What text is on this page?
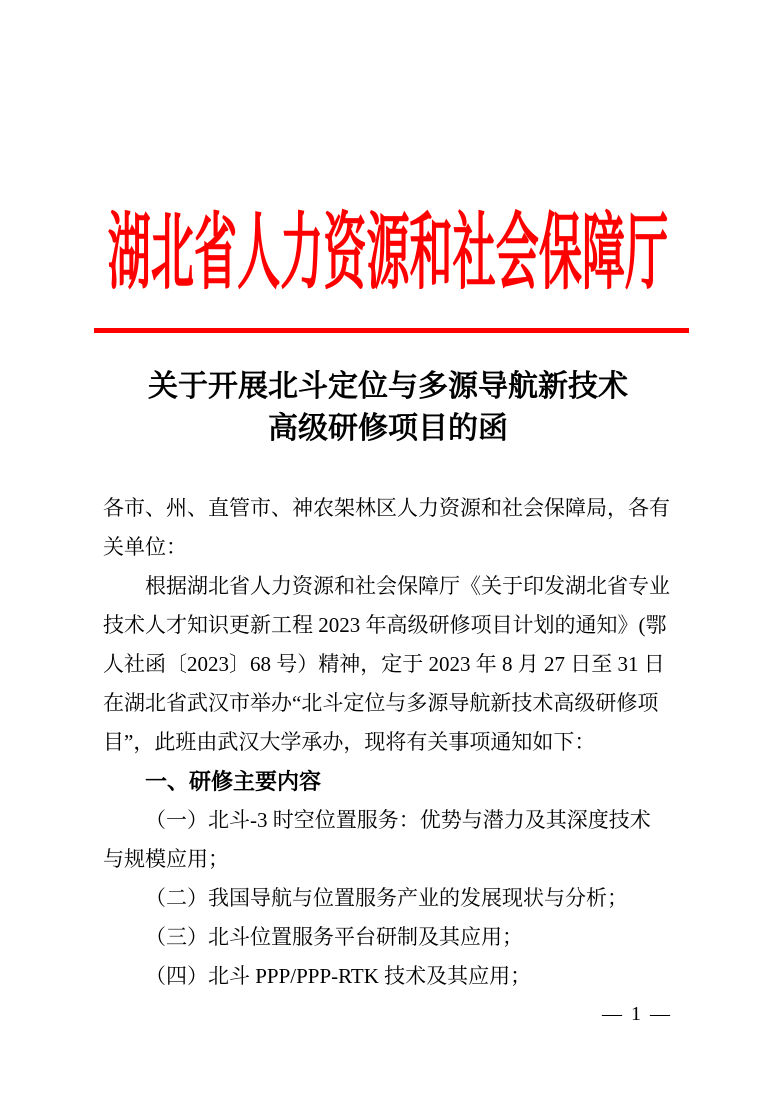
湖北省人力资源和社会保障厅
关于开展北斗定位与多源导航新技术
高级研修项目的函
各市、州、直管市、神农架林区人力资源和社会保障局，各有
关单位：
根据湖北省人力资源和社会保障厅《关于印发湖北省专业
技术人才知识更新工程 2023 年高级研修项目计划的通知》(鄂
人社函〔2023〕68 号）精神，定于 2023 年 8 月 27 日至 31 日
在湖北省武汉市举办“北斗定位与多源导航新技术高级研修项
目”，此班由武汉大学承办，现将有关事项通知如下：
一、研修主要内容
（一）北斗-3 时空位置服务：优势与潜力及其深度技术
与规模应用；
（二）我国导航与位置服务产业的发展现状与分析；
（三）北斗位置服务平台研制及其应用；
（四）北斗 PPP/PPP-RTK 技术及其应用；
— 1 —
